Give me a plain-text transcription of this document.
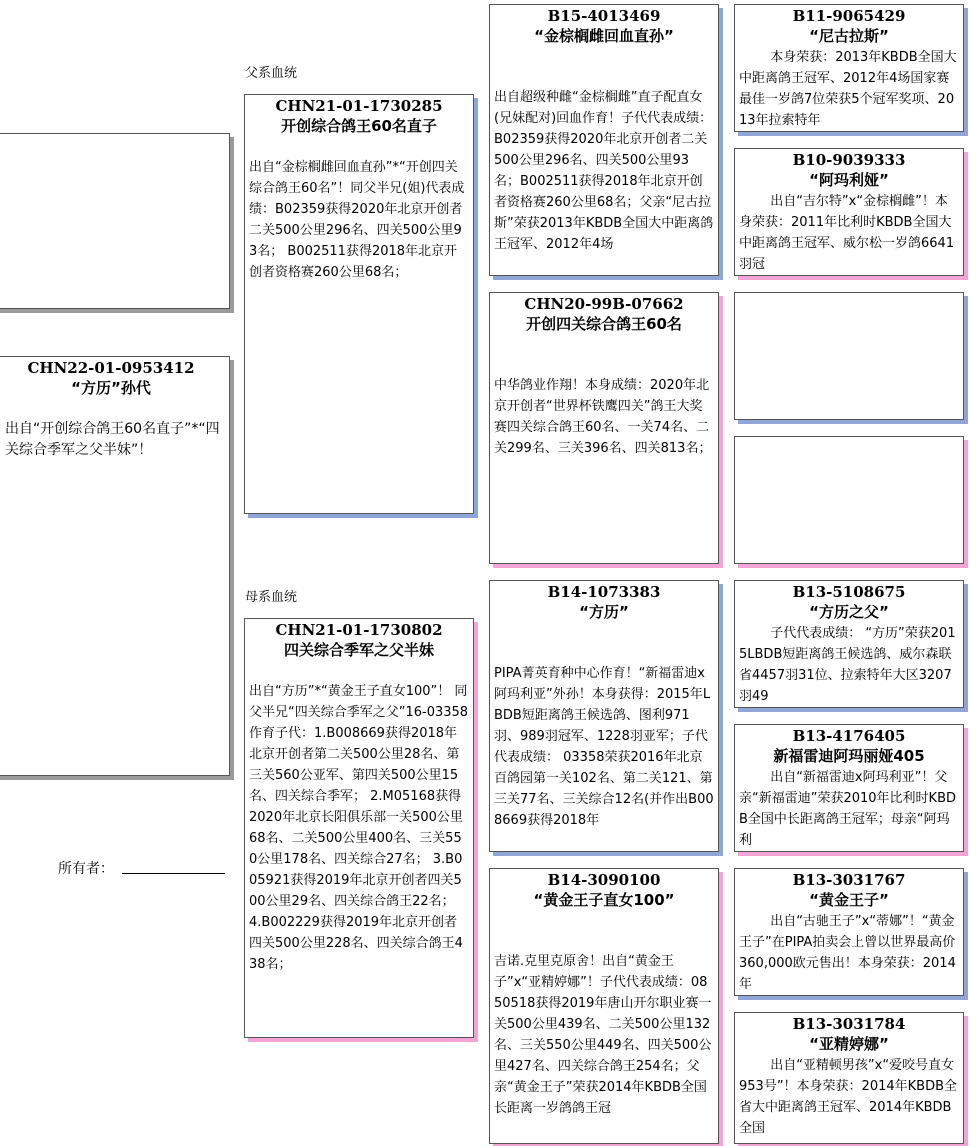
父系血统
母系血统
CHN22-01-0953412
“方历”孙代
出自“开创综合鸽王60名直子”*“四关综合季军之父半妹”！
所有者：
CHN21-01-1730285
开创综合鸽王60名直子
出自“金棕榈雌回血直孙”*“开创四关综合鸽王60名”！同父半兄(姐)代表成绩：B02359获得2020年北京开创者二关500公里296名、四关500公里93名； B002511获得2018年北京开创者资格赛260公里68名；
CHN21-01-1730802
四关综合季军之父半妹
出自“方历”*“黄金王子直女100”！ 同父半兄“四关综合季军之父”16-03358作育子代：1.B008669获得2018年北京开创者第二关500公里28名、第三关560公亚军、第四关500公里15名、四关综合季军； 2.M05168获得2020年北京长阳俱乐部一关500公里68名、二关500公里400名、三关550公里178名、四关综合27名； 3.B005921获得2019年北京开创者四关500公里29名、四关综合鸽王22名； 4.B002229获得2019年北京开创者四关500公里228名、四关综合鸽王438名；
B15-4013469
“金棕榈雌回血直孙”
出自超级种雌“金棕榈雌”直子配直女(兄妹配对)回血作育！子代代表成绩： B02359获得2020年北京开创者二关500公里296名、四关500公里93名；B002511获得2018年北京开创者资格赛260公里68名；父亲“尼古拉斯”荣获2013年KBDB全国大中距离鸽王冠军、2012年4场
CHN20-99B-07662
开创四关综合鸽王60名
中华鸽业作翔！本身成绩：2020年北京开创者“世界杯铁鹰四关”鸽王大奖赛四关综合鸽王60名、一关74名、二关299名、三关396名、四关813名；
B14-1073383
“方历”
PIPA菁英育种中心作育！“新福雷迪x阿玛利亚”外孙！本身获得：2015年LBDB短距离鸽王候选鸽、图利971羽、989羽冠军、1228羽亚军；子代代表成绩： 03358荣获2016年北京百鸽园第一关102名、第二关121、第三关77名、三关综合12名(并作出B008669获得2018年
B14-3090100
“黄金王子直女100”
吉诺.克里克原舍！出自“黄金王子”x“亚精婷娜”！子代代表成绩：0850518获得2019年唐山开尔职业赛一关500公里439名、二关500公里132名、三关550公里449名、四关500公里427名、四关综合鸽王254名；父亲“黄金王子”荣获2014年KBDB全国长距离一岁鸽鸽王冠
B11-9065429
“尼古拉斯”
本身荣获：2013年KBDB全国大中距离鸽王冠军、2012年4场国家赛最佳一岁鸽7位荣获5个冠军奖项、2013年拉索特年
B10-9039333
“阿玛利娅”
出自“吉尔特”x“金棕榈雌”！本身荣获：2011年比利时KBDB全国大中距离鸽王冠军、威尔松一岁鸽6641羽冠
B13-5108675
“方历之父”
子代代表成绩： “方历”荣获2015LBDB短距离鸽王候选鸽、威尔森联省4457羽31位、拉索特年大区3207羽49
B13-4176405
新福雷迪阿玛丽娅405
出自“新福雷迪x阿玛利亚”！父亲“新福雷迪”荣获2010年比利时KBDB全国中长距离鸽王冠军；母亲“阿玛利
B13-3031767
“黄金王子”
出自“古驰王子”x“蒂娜”！“黄金王子”在PIPA拍卖会上曾以世界最高价360,000欧元售出！本身荣获：2014年
B13-3031784
“亚精婷娜”
出自“亚精顿男孩”x“爱咬号直女953号”！本身荣获：2014年KBDB全省大中距离鸽王冠军、2014年KBDB全国
